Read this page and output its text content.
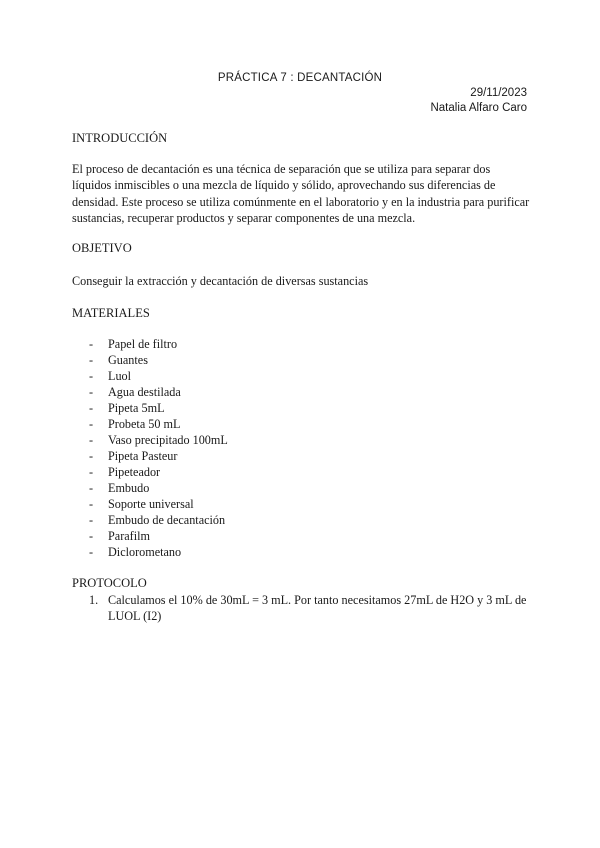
PRÁCTICA 7 : DECANTACIÓN
29/11/2023
Natalia Alfaro Caro
INTRODUCCIÓN
El proceso de decantación es una técnica de separación que se utiliza para separar dos líquidos inmiscibles o una mezcla de líquido y sólido, aprovechando sus diferencias de densidad. Este proceso se utiliza comúnmente en el laboratorio y en la industria para purificar sustancias, recuperar productos y separar componentes de una mezcla.
OBJETIVO
Conseguir la extracción y decantación de diversas sustancias
MATERIALES
- Papel de filtro
- Guantes
- Luol
- Agua destilada
- Pipeta 5mL
- Probeta 50 mL
- Vaso precipitado 100mL
- Pipeta Pasteur
- Pipeteador
- Embudo
- Soporte universal
- Embudo de decantación
- Parafilm
- Diclorometano
PROTOCOLO
1. Calculamos el 10% de 30mL = 3 mL. Por tanto necesitamos 27mL de H2O y 3 mL de LUOL (I2)
